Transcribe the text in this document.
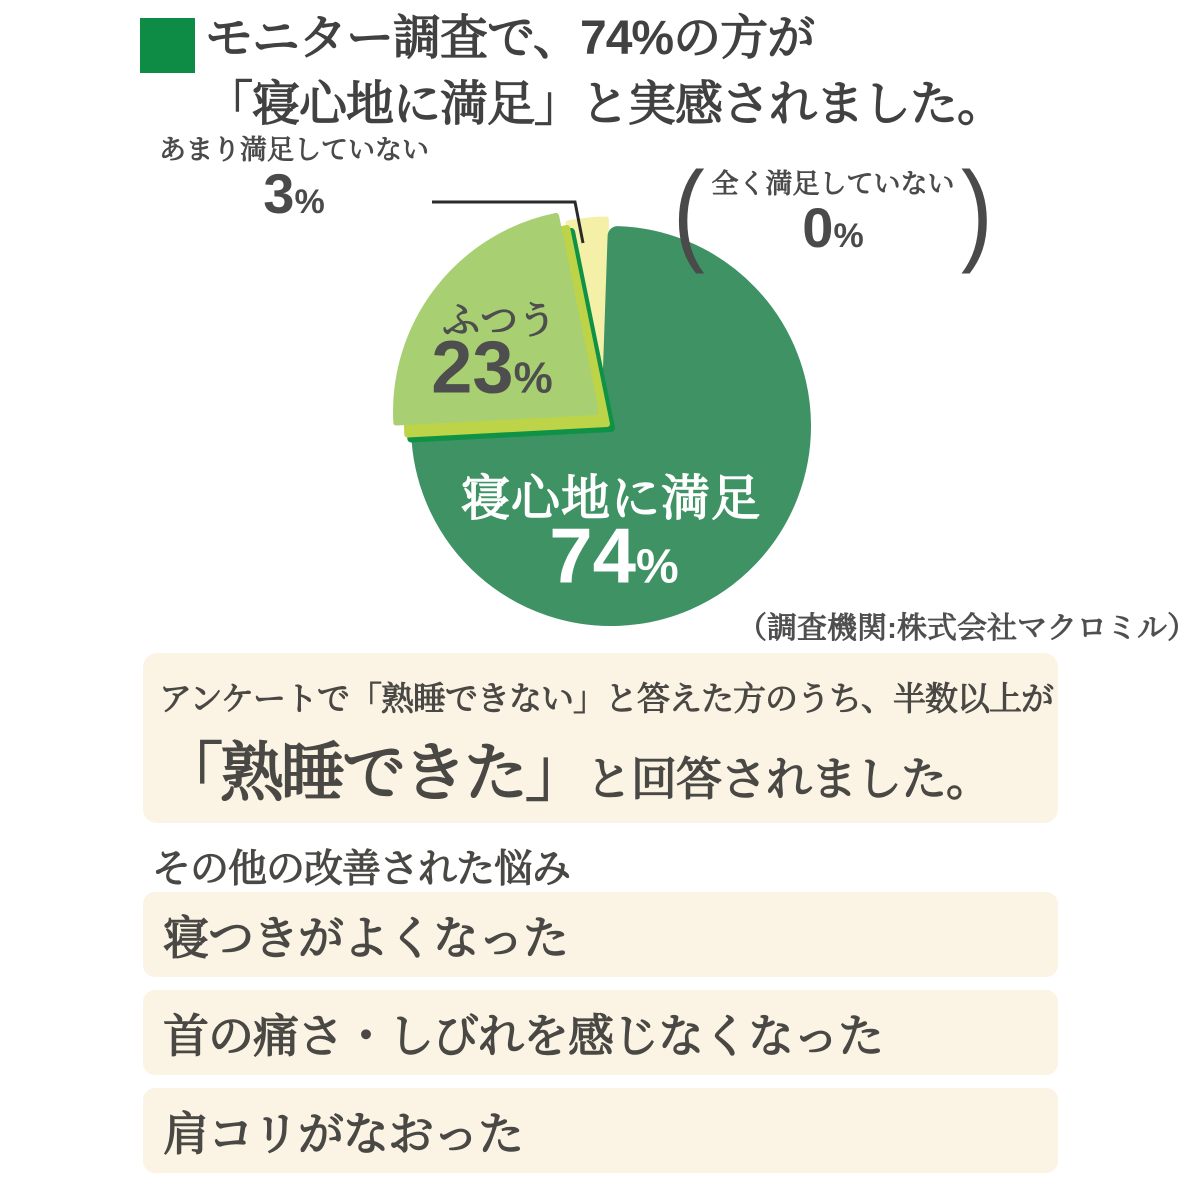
モニター調査で、74%の方が
「寝心地に満足」と実感されました。
あまり満足していない
3%	( 全く満足していない
0% )
ふつう
23%
寝心地に満足
74%
（調査機関:株式会社マクロミル）
アンケートで「熟睡できない」と答えた方のうち、半数以上が
「熟睡できた」と回答されました。
その他の改善された悩み
寝つきがよくなった
首の痛さ・しびれを感じなくなった
肩コリがなおった
